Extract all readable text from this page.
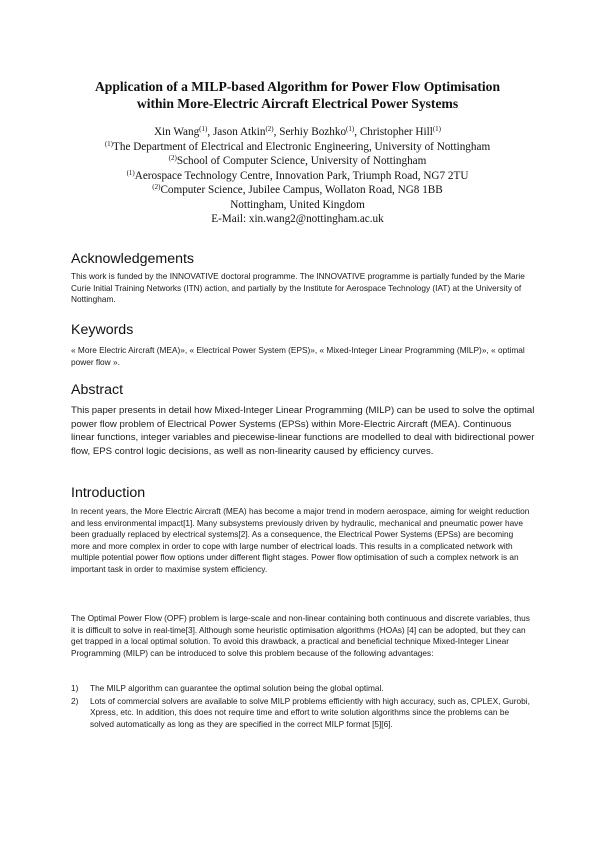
Application of a MILP-based Algorithm for Power Flow Optimisation
within More-Electric Aircraft Electrical Power Systems
Xin Wang$^{(1)}$, Jason Atkin$^{(2)}$, Serhiy Bozhko$^{(1)}$, Christopher Hill$^{(1)}$
$^{(1)}$The Department of Electrical and Electronic Engineering, University of Nottingham
$^{(2)}$School of Computer Science, University of Nottingham
$^{(1)}$Aerospace Technology Centre, Innovation Park, Triumph Road, NG7 2TU
$^{(2)}$Computer Science, Jubilee Campus, Wollaton Road, NG8 1BB
Nottingham, United Kingdom
E-Mail: xin.wang2@nottingham.ac.uk
Acknowledgements
This work is funded by the INNOVATIVE doctoral programme. The INNOVATIVE programme is partially funded by the Marie Curie Initial Training Networks (ITN) action, and partially by the Institute for Aerospace Technology (IAT) at the University of Nottingham.
Keywords
« More Electric Aircraft (MEA)», « Electrical Power System (EPS)», « Mixed-Integer Linear Programming (MILP)», « optimal power flow ».
Abstract
This paper presents in detail how Mixed-Integer Linear Programming (MILP) can be used to solve the optimal power flow problem of Electrical Power Systems (EPSs) within More-Electric Aircraft (MEA). Continuous linear functions, integer variables and piecewise-linear functions are modelled to deal with bidirectional power flow, EPS control logic decisions, as well as non-linearity caused by efficiency curves.
Introduction
In recent years, the More Electric Aircraft (MEA) has become a major trend in modern aerospace, aiming for weight reduction and less environmental impact[1]. Many subsystems previously driven by hydraulic, mechanical and pneumatic power have been gradually replaced by electrical systems[2]. As a consequence, the Electrical Power Systems (EPSs) are becoming more and more complex in order to cope with large number of electrical loads. This results in a complicated network with multiple potential power flow options under different flight stages. Power flow optimisation of such a complex network is an important task in order to maximise system efficiency.
The Optimal Power Flow (OPF) problem is large-scale and non-linear containing both continuous and discrete variables, thus it is difficult to solve in real-time[3]. Although some heuristic optimisation algorithms (HOAs) [4] can be adopted, but they can get trapped in a local optimal solution. To avoid this drawback, a practical and beneficial technique Mixed-Integer Linear Programming (MILP) can be introduced to solve this problem because of the following advantages:
1) The MILP algorithm can guarantee the optimal solution being the global optimal.
2) Lots of commercial solvers are available to solve MILP problems efficiently with high accuracy, such as, CPLEX, Gurobi, Xpress, etc. In addition, this does not require time and effort to write solution algorithms since the problems can be solved automatically as long as they are specified in the correct MILP format [5][6].
